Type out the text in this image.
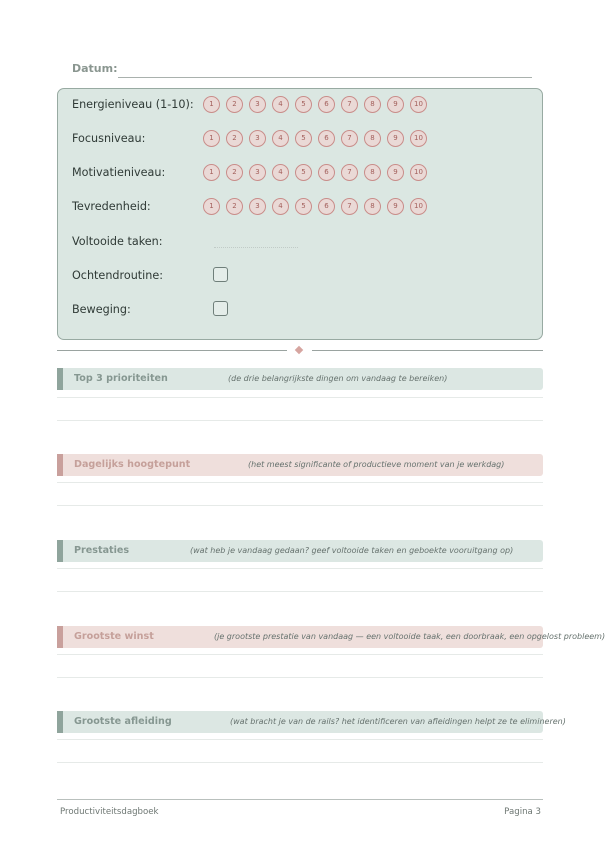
Datum:
Energieniveau (1-10):	1	2	3	4	5	6	7	8	9	10
Focusniveau:	1	2	3	4	5	6	7	8	9	10
Motivatieniveau:	1	2	3	4	5	6	7	8	9	10
Tevredenheid:	1	2	3	4	5	6	7	8	9	10
Voltooide taken:
Ochtendroutine:
Beweging:
Top 3 prioriteiten	(de drie belangrijkste dingen om vandaag te bereiken)
Dagelijks hoogtepunt	(het meest significante of productieve moment van je werkdag)
Prestaties	(wat heb je vandaag gedaan? geef voltooide taken en geboekte vooruitgang op)
Grootste winst	(je grootste prestatie van vandaag — een voltooide taak, een doorbraak, een opgelost probleem)
Grootste afleiding	(wat bracht je van de rails? het identificeren van afleidingen helpt ze te elimineren)
Productiviteitsdagboek	Pagina 3
